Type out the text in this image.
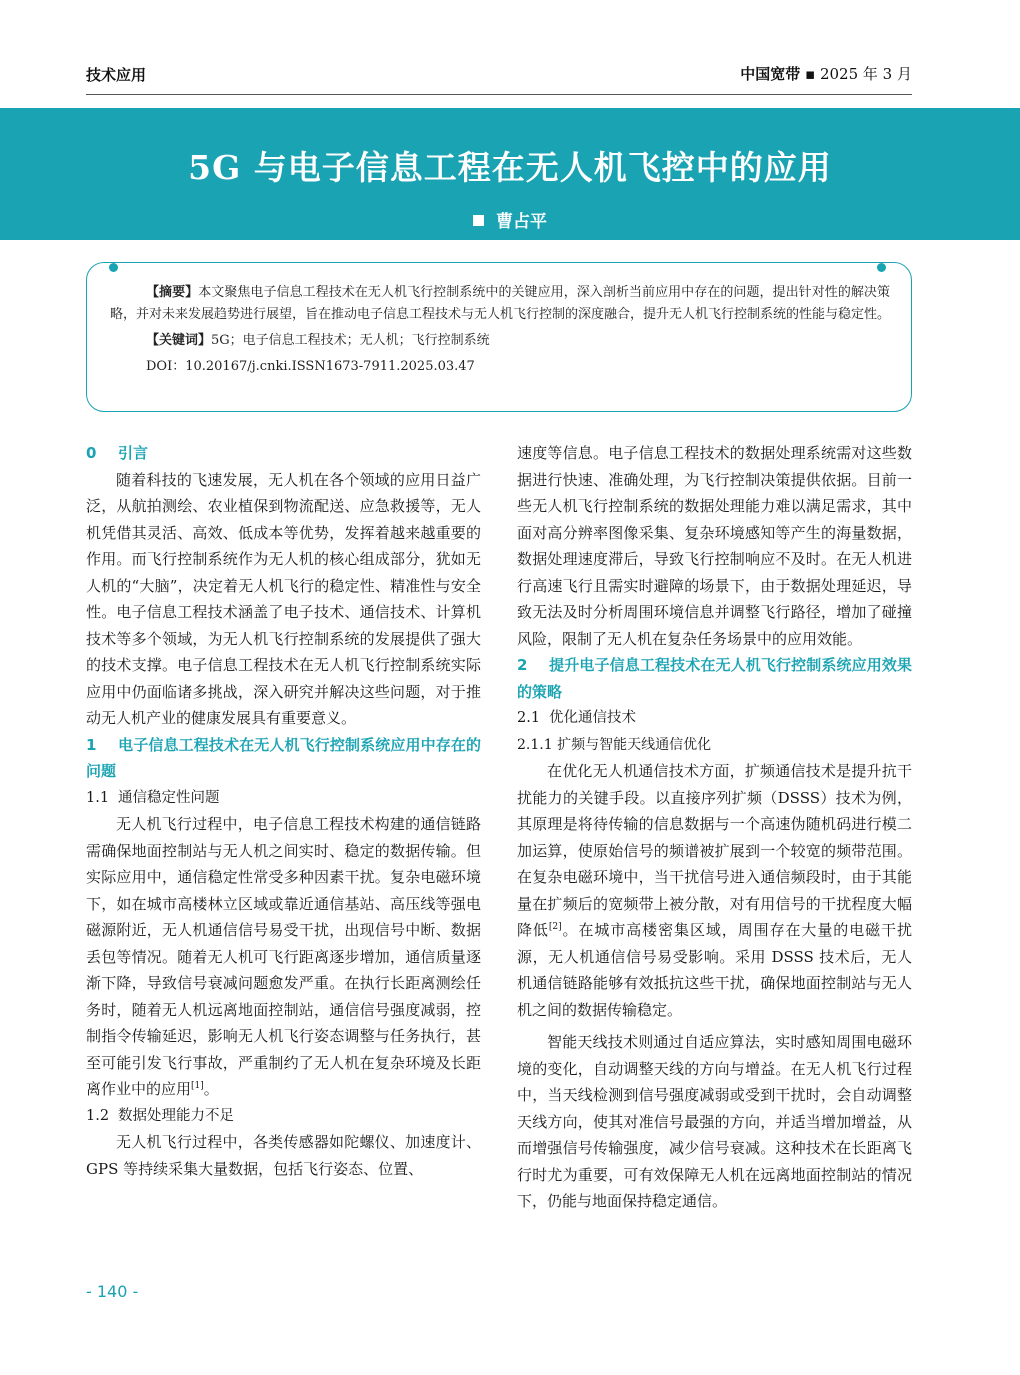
技术应用	中国宽带 ▪ 2025 年 3 月
5G 与电子信息工程在无人机飞控中的应用
曹占平

【摘要】本文聚焦电子信息工程技术在无人机飞行控制系统中的关键应用，深入剖析当前应用中存在的问题，提出针对性的解决策略，并对未来发展趋势进行展望，旨在推动电子信息工程技术与无人机飞行控制的深度融合，提升无人机飞行控制系统的性能与稳定性。

【关键词】5G；电子信息工程技术；无人机；飞行控制系统

DOI：10.20167/j.cnki.ISSN1673-7911.2025.03.47

0 引言

随着科技的飞速发展，无人机在各个领域的应用日益广泛，从航拍测绘、农业植保到物流配送、应急救援等，无人机凭借其灵活、高效、低成本等优势，发挥着越来越重要的作用。而飞行控制系统作为无人机的核心组成部分，犹如无人机的“大脑”，决定着无人机飞行的稳定性、精准性与安全性。电子信息工程技术涵盖了电子技术、通信技术、计算机技术等多个领域，为无人机飞行控制系统的发展提供了强大的技术支撑。电子信息工程技术在无人机飞行控制系统实际应用中仍面临诸多挑战，深入研究并解决这些问题，对于推动无人机产业的健康发展具有重要意义。

1 电子信息工程技术在无人机飞行控制系统应用中存在的问题
1.1 通信稳定性问题

无人机飞行过程中，电子信息工程技术构建的通信链路需确保地面控制站与无人机之间实时、稳定的数据传输。但实际应用中，通信稳定性常受多种因素干扰。复杂电磁环境下，如在城市高楼林立区域或靠近通信基站、高压线等强电磁源附近，无人机通信信号易受干扰，出现信号中断、数据丢包等情况。随着无人机可飞行距离逐步增加，通信质量逐渐下降，导致信号衰减问题愈发严重。在执行长距离测绘任务时，随着无人机远离地面控制站，通信信号强度减弱，控制指令传输延迟，影响无人机飞行姿态调整与任务执行，甚至可能引发飞行事故，严重制约了无人机在复杂环境及长距离作业中的应用[1]。

1.2 数据处理能力不足

无人机飞行过程中，各类传感器如陀螺仪、加速度计、GPS 等持续采集大量数据，包括飞行姿态、位置、

速度等信息。电子信息工程技术的数据处理系统需对这些数据进行快速、准确处理，为飞行控制决策提供依据。目前一些无人机飞行控制系统的数据处理能力难以满足需求，其中面对高分辨率图像采集、复杂环境感知等产生的海量数据，数据处理速度滞后，导致飞行控制响应不及时。在无人机进行高速飞行且需实时避障的场景下，由于数据处理延迟，导致无法及时分析周围环境信息并调整飞行路径，增加了碰撞风险，限制了无人机在复杂任务场景中的应用效能。

2 提升电子信息工程技术在无人机飞行控制系统应用效果的策略
2.1 优化通信技术
2.1.1 扩频与智能天线通信优化

在优化无人机通信技术方面，扩频通信技术是提升抗干扰能力的关键手段。以直接序列扩频（DSSS）技术为例，其原理是将待传输的信息数据与一个高速伪随机码进行模二加运算，使原始信号的频谱被扩展到一个较宽的频带范围。在复杂电磁环境中，当干扰信号进入通信频段时，由于其能量在扩频后的宽频带上被分散，对有用信号的干扰程度大幅降低[2]。在城市高楼密集区域，周围存在大量的电磁干扰源，无人机通信信号易受影响。采用 DSSS 技术后，无人机通信链路能够有效抵抗这些干扰，确保地面控制站与无人机之间的数据传输稳定。

智能天线技术则通过自适应算法，实时感知周围电磁环境的变化，自动调整天线的方向与增益。在无人机飞行过程中，当天线检测到信号强度减弱或受到干扰时，会自动调整天线方向，使其对准信号最强的方向，并适当增加增益，从而增强信号传输强度，减少信号衰减。这种技术在长距离飞行时尤为重要，可有效保障无人机在远离地面控制站的情况下，仍能与地面保持稳定通信。

- 140 -
